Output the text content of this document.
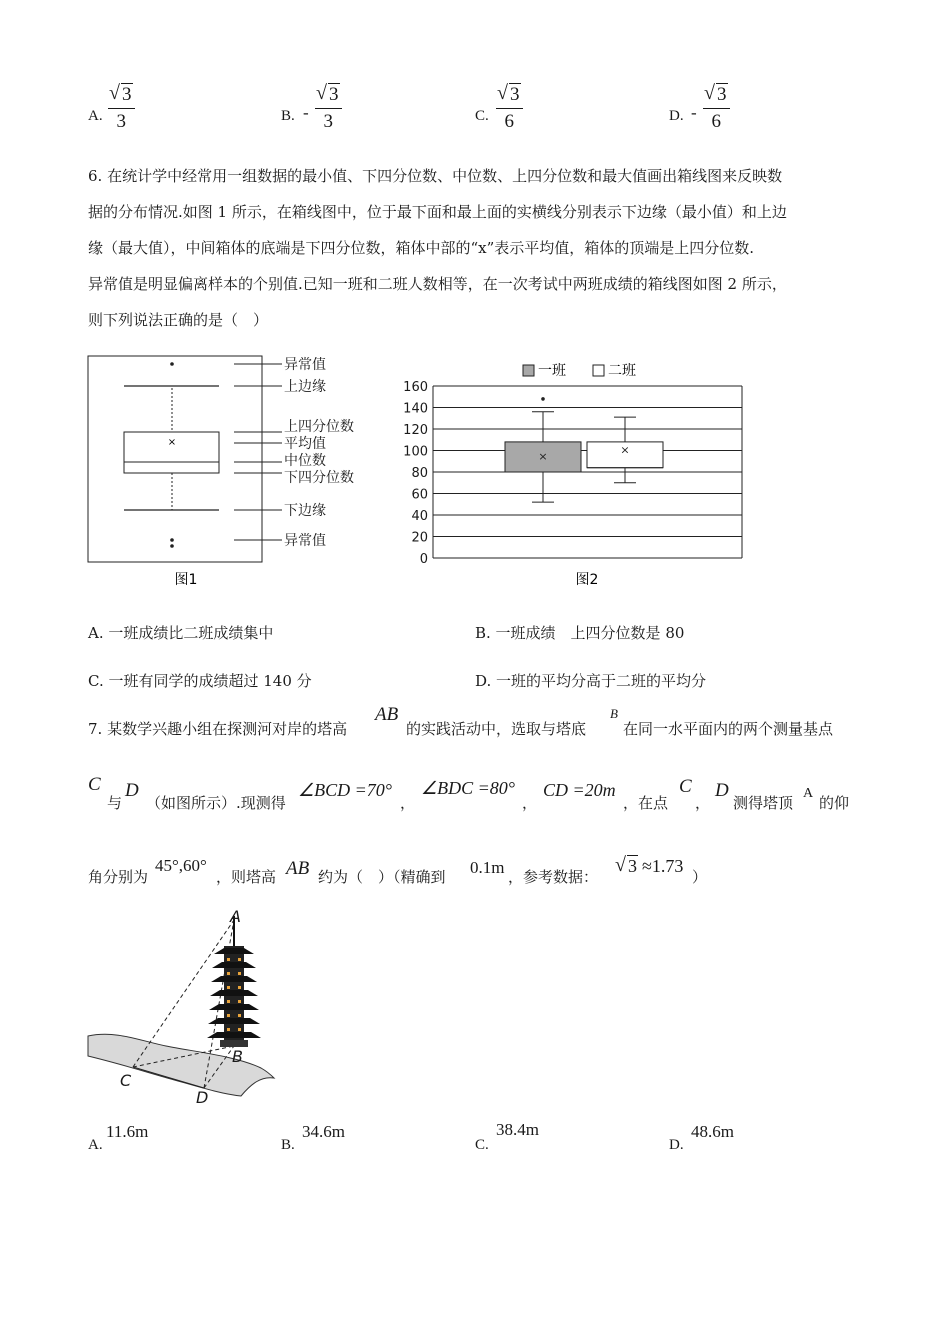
A.
√ 3
3	B. -
√ 3
3	C.
√ 3
6	D. -
√ 3
6
6. 在统计学中经常用一组数据的最小值、下四分位数、中位数、上四分位数和最大值画出箱线图来反映数
据的分布情况.如图 1 所示，在箱线图中，位于最下面和最上面的实横线分别表示下边缘（最小值）和上边
缘（最大值），中间箱体的底端是下四分位数，箱体中部的“x”表示平均值，箱体的顶端是上四分位数.
异常值是明显偏离样本的个别值.已知一班和二班人数相等，在一次考试中两班成绩的箱线图如图 2 所示，
则下列说法正确的是（　）
×
异常值
上边缘
上四分位数
平均值
中位数
下四分位数
下边缘
异常值
图1
一班	二班
0
20
40
60
80
100
120
140
160
×	×
图2
A. 一班成绩比二班成绩集中	B. 一班成绩　上四分位数是 80
C. 一班有同学的成绩超过 140 分	D. 一班的平均分高于二班的平均分
7. 某数学兴趣小组在探测河对岸的塔高
AB
的实践活动中，选取与塔底
B
在同一水平面内的两个测量基点
C
与
D
（如图所示）.现测得
∠BCD =70°
，
∠BDC =80°
，
CD =20m
，在点
C
，
D
测得塔顶
A
的仰
角分别为
45°,60°
，则塔高 AB 约为（　）（精确到 0.1m ，参考数据：
√ 3 ≈1.73
）
A
B
C
D
A.
11.6m
B.
34.6m
C.
38.4m
D.
48.6m
